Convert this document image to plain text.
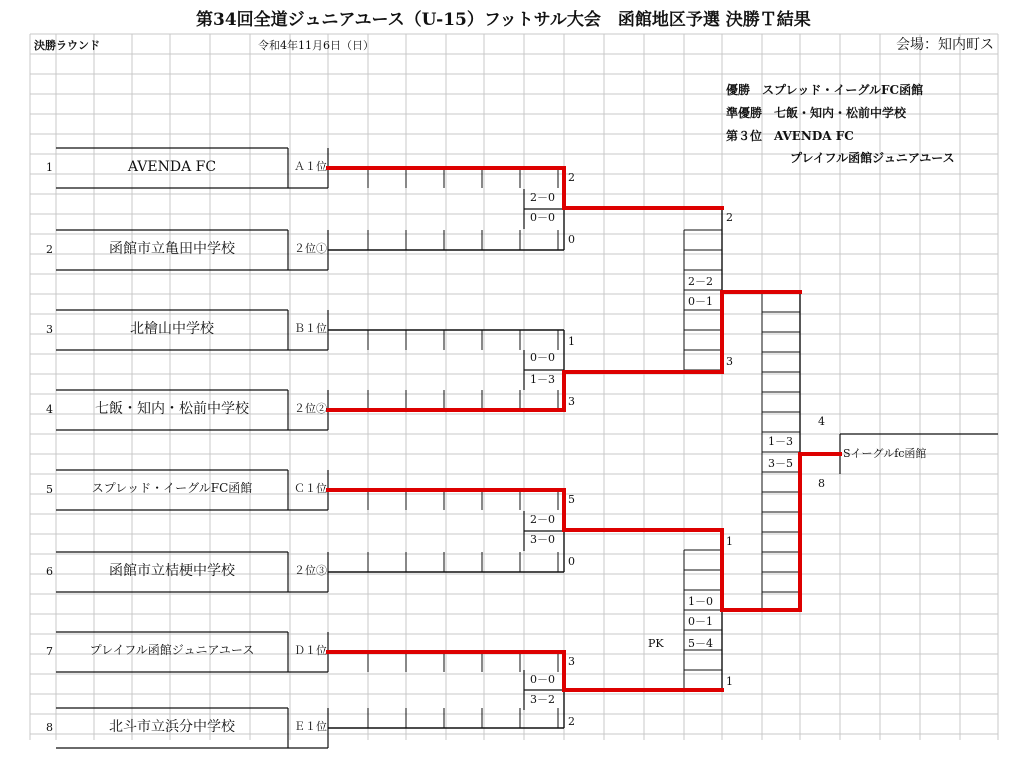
第34回全道ジュニアユース（U-15）フットサル大会　函館地区予選 決勝Ｔ結果
決勝ラウンド	令和4年11月6日（日）	会場：知内町ス
優勝　スプレッド・イーグルFC函館
準優勝　七飯・知内・松前中学校
第３位　AVENDA FC
プレイフル函館ジュニアユース
1	AVENDA FC	Ａ１位
2	函館市立亀田中学校	２位①
3	北檜山中学校	Ｂ１位
4	七飯・知内・松前中学校	２位②
5	スプレッド・イーグルFC函館	Ｃ１位
6	函館市立桔梗中学校	２位③
7	プレイフル函館ジュニアユース	Ｄ１位
8	北斗市立浜分中学校	Ｅ１位
2
2－0
0－0
0
1
0－0
1－3
3
5
2－0
3－0
0
3
0－0
3－2
2
2
2－2
0－1
3
1
1－0
0－1
PK 5－4
1
4
1－3
3－5
8
Sイーグルfc函館
